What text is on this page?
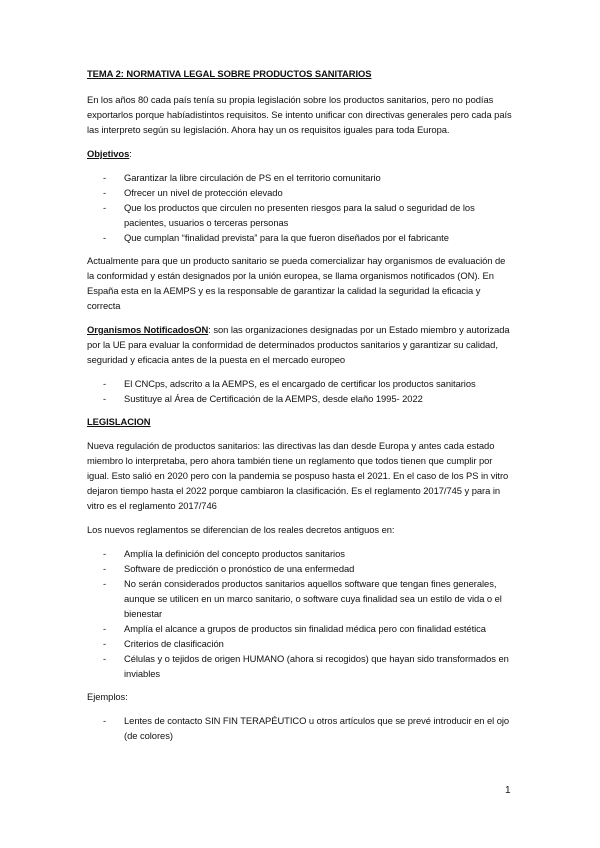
TEMA 2: NORMATIVA LEGAL SOBRE PRODUCTOS SANITARIOS

En los años 80 cada país tenía su propia legislación sobre los productos sanitarios, pero no podías exportarlos porque habíadistintos requisitos. Se intento unificar con directivas generales pero cada país las interpreto según su legislación. Ahora hay un os requisitos iguales para toda Europa.

Objetivos:

- Garantizar la libre circulación de PS en el territorio comunitario
- Ofrecer un nivel de protección elevado
- Que los productos que circulen no presenten riesgos para la salud o seguridad de los pacientes, usuarios o terceras personas
- Que cumplan “finalidad prevista” para la que fueron diseñados por el fabricante

Actualmente para que un producto sanitario se pueda comercializar hay organismos de evaluación de la conformidad y están designados por la unión europea, se llama organismos notificados (ON). En España esta en la AEMPS y es la responsable de garantizar la calidad la seguridad la eficacia y correcta

Organismos NotificadosON: son las organizaciones designadas por un Estado miembro y autorizada por la UE para evaluar la conformidad de determinados productos sanitarios y garantizar su calidad, seguridad y eficacia antes de la puesta en el mercado europeo

- El CNCps, adscrito a la AEMPS, es el encargado de certificar los productos sanitarios
- Sustituye al Área de Certificación de la AEMPS, desde elaño 1995- 2022

LEGISLACION

Nueva regulación de productos sanitarios: las directivas las dan desde Europa y antes cada estado miembro lo interpretaba, pero ahora también tiene un reglamento que todos tienen que cumplir por igual. Esto salió en 2020 pero con la pandemia se pospuso hasta el 2021. En el caso de los PS in vitro dejaron tiempo hasta el 2022 porque cambiaron la clasificación. Es el reglamento 2017/745 y para in vitro es el reglamento 2017/746

Los nuevos reglamentos se diferencian de los reales decretos antiguos en:

- Amplía la definición del concepto productos sanitarios
- Software de predicción o pronóstico de una enfermedad
- No serán considerados productos sanitarios aquellos software que tengan fines generales, aunque se utilicen en un marco sanitario, o software cuya finalidad sea un estilo de vida o el bienestar
- Amplía el alcance a grupos de productos sin finalidad médica pero con finalidad estética
- Criterios de clasificación
- Células y o tejidos de origen HUMANO (ahora si recogidos) que hayan sido transformados en inviables

Ejemplos:

- Lentes de contacto SIN FIN TERAPÉUTICO u otros artículos que se prevé introducir en el ojo (de colores)
1
